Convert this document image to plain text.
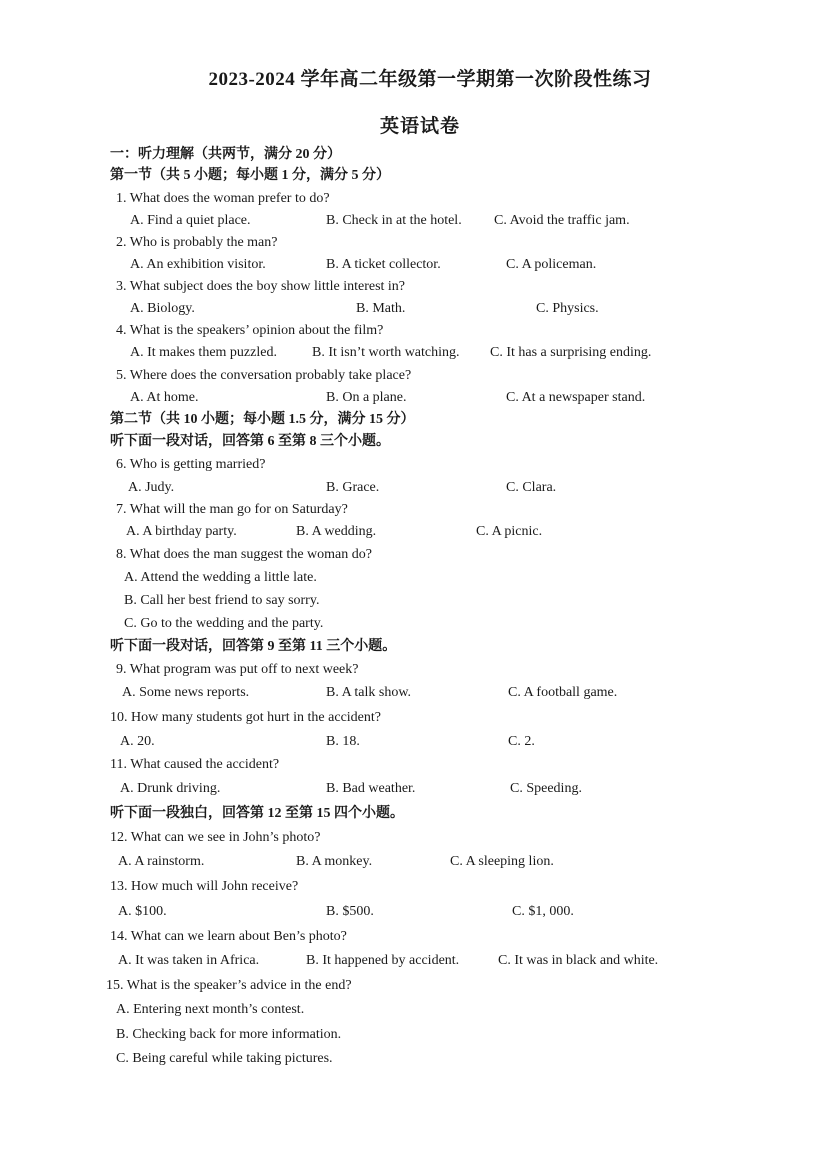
2023-2024 学年高二年级第一学期第一次阶段性练习
英语试卷
一：听力理解（共两节，满分 20 分）
第一节（共 5 小题；每小题 1 分，满分 5 分）
1. What does the woman prefer to do?
A. Find a quiet place.	B. Check in at the hotel. C. Avoid the traffic jam.
2. Who is probably the man?
A. An exhibition visitor.	B. A ticket collector.	C. A policeman.
3. What subject does the boy show little interest in?
A. Biology.	B. Math.	C. Physics.
4. What is the speakers’ opinion about the film?
A. It makes them puzzled.	B. It isn’t worth watching. C. It has a surprising ending.
5. Where does the conversation probably take place?
A. At home.	B. On a plane.	C. At a newspaper stand.
第二节（共 10 小题；每小题 1.5 分，满分 15 分）
听下面一段对话，回答第 6 至第 8 三个小题。
6. Who is getting married?
A. Judy.	B. Grace.	C. Clara.
7. What will the man go for on Saturday?
A. A birthday party.	B. A wedding.	C. A picnic.
8. What does the man suggest the woman do?
A. Attend the wedding a little late.
B. Call her best friend to say sorry.
C. Go to the wedding and the party.
听下面一段对话，回答第 9 至第 11 三个小题。
9. What program was put off to next week?
A. Some news reports.	B. A talk show.	C. A football game.
10. How many students got hurt in the accident?
A. 20.	B. 18.	C. 2.
11. What caused the accident?
A. Drunk driving.	B. Bad weather.	C. Speeding.
听下面一段独白，回答第 12 至第 15 四个小题。
12. What can we see in John’s photo?
A. A rainstorm.	B. A monkey.	C. A sleeping lion.
13. How much will John receive?
A. $100.	B. $500.	C. $1, 000.
14. What can we learn about Ben’s photo?
A. It was taken in Africa.	B. It happened by accident.	C. It was in black and white.
15. What is the speaker’s advice in the end?
A. Entering next month’s contest.
B. Checking back for more information.
C. Being careful while taking pictures.
